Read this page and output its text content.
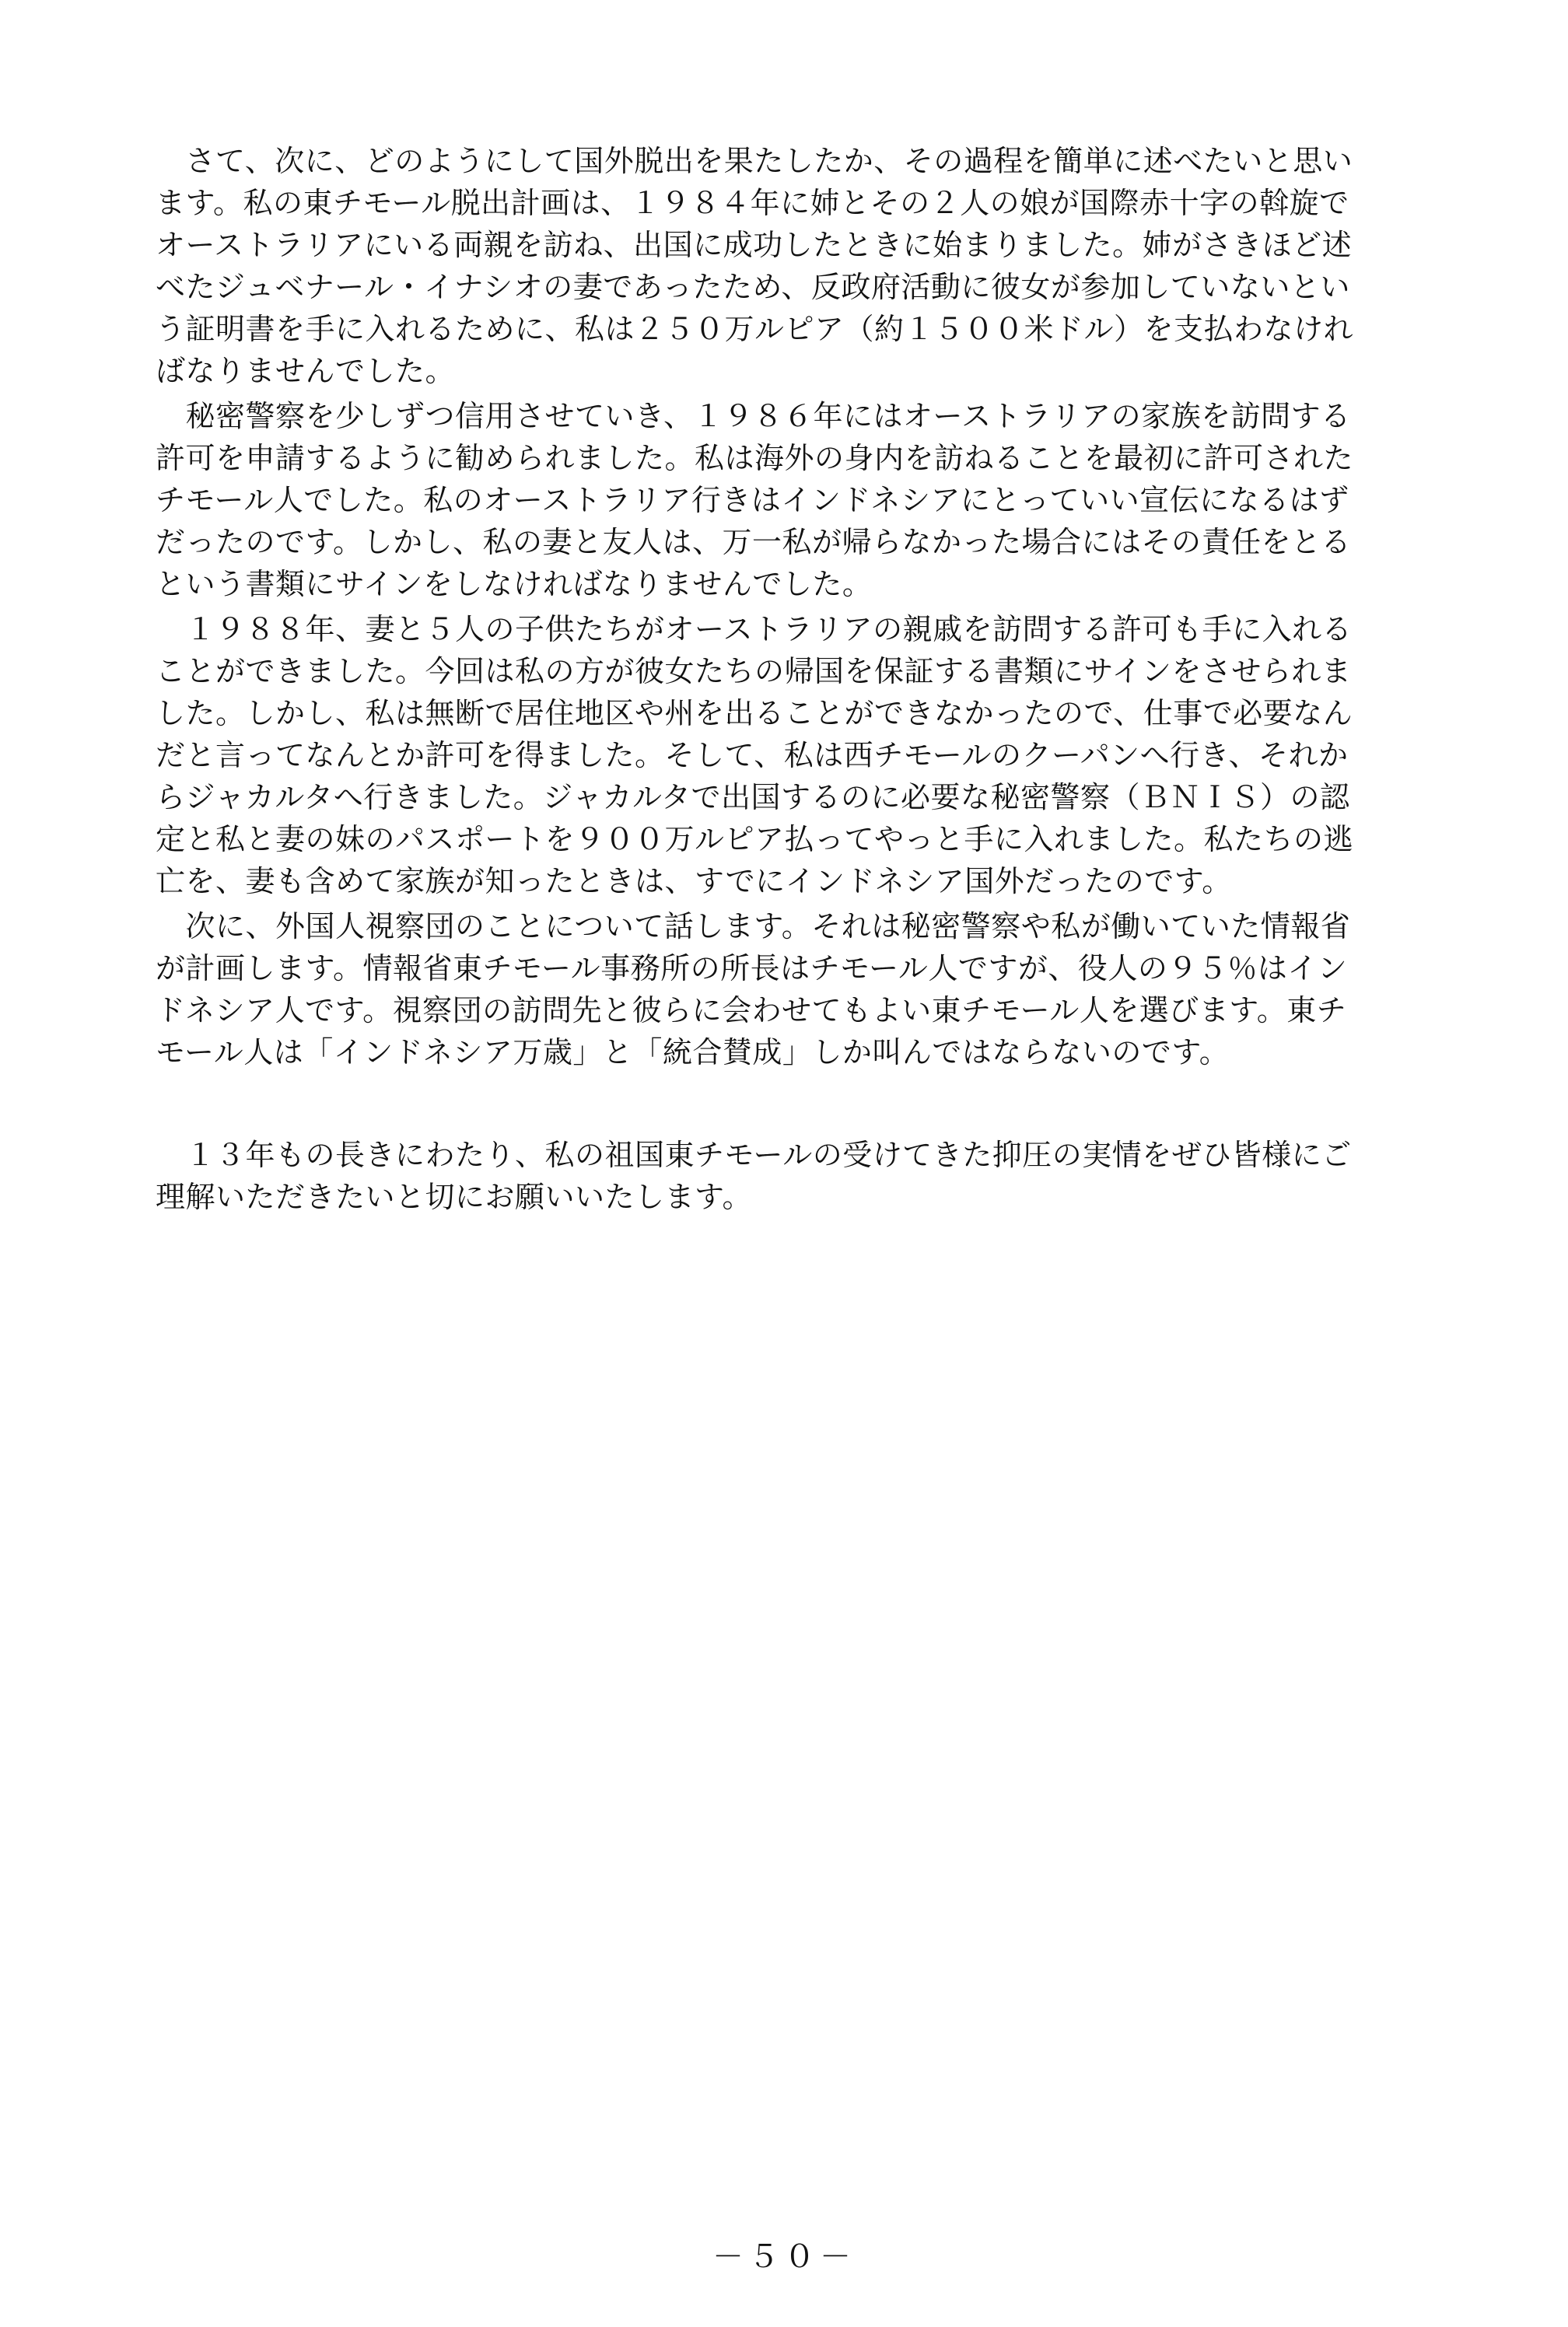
　さて、次に、どのようにして国外脱出を果たしたか、その過程を簡単に述べたいと思い
ます。私の東チモール脱出計画は、１９８４年に姉とその２人の娘が国際赤十字の斡旋で
オーストラリアにいる両親を訪ね、出国に成功したときに始まりました。姉がさきほど述
べたジュベナール・イナシオの妻であったため、反政府活動に彼女が参加していないとい
う証明書を手に入れるために、私は２５０万ルピア（約１５００米ドル）を支払わなけれ
ばなりませんでした。
　秘密警察を少しずつ信用させていき、１９８６年にはオーストラリアの家族を訪問する
許可を申請するように勧められました。私は海外の身内を訪ねることを最初に許可された
チモール人でした。私のオーストラリア行きはインドネシアにとっていい宣伝になるはず
だったのです。しかし、私の妻と友人は、万一私が帰らなかった場合にはその責任をとる
という書類にサインをしなければなりませんでした。
　１９８８年、妻と５人の子供たちがオーストラリアの親戚を訪問する許可も手に入れる
ことができました。今回は私の方が彼女たちの帰国を保証する書類にサインをさせられま
した。しかし、私は無断で居住地区や州を出ることができなかったので、仕事で必要なん
だと言ってなんとか許可を得ました。そして、私は西チモールのクーパンへ行き、それか
らジャカルタへ行きました。ジャカルタで出国するのに必要な秘密警察（ＢＮＩＳ）の認
定と私と妻の妹のパスポートを９００万ルピア払ってやっと手に入れました。私たちの逃
亡を、妻も含めて家族が知ったときは、すでにインドネシア国外だったのです。
　次に、外国人視察団のことについて話します。それは秘密警察や私が働いていた情報省
が計画します。情報省東チモール事務所の所長はチモール人ですが、役人の９５％はイン
ドネシア人です。視察団の訪問先と彼らに会わせてもよい東チモール人を選びます。東チ
モール人は「インドネシア万歳」と「統合賛成」しか叫んではならないのです。
　１３年もの長きにわたり、私の祖国東チモールの受けてきた抑圧の実情をぜひ皆様にご
理解いただきたいと切にお願いいたします。
－５０－
